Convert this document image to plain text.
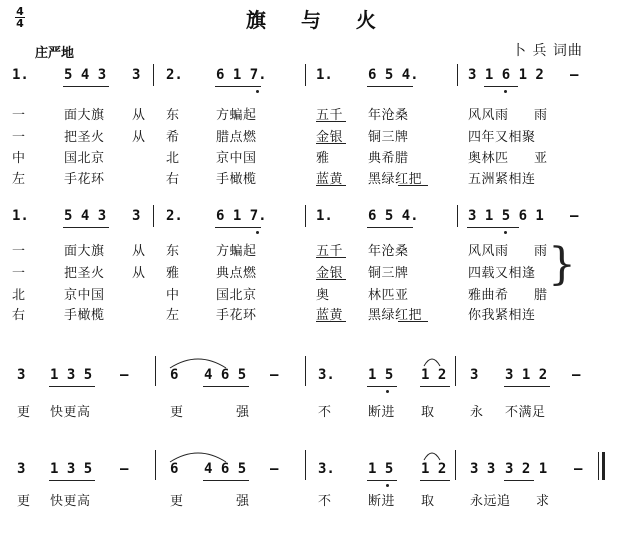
旗 与 火
4
4
庄严地	卜 兵 词曲
1.	5 4 3 3 2. 6 1 7.	1.	6 5 4.	3 1 6 1 2 –
一	面大旗 从 东	方蝙起	五千 年沧桑	风风雨 雨
一	把圣火 从 希	腊点燃	金银 铜三牌	四年又相聚
中	国北京	北	京中国	雅	典希腊	奥林匹 亚
左	手花环	右	手橄榄	蓝黄 黑绿红把	五洲紧相连
1.	5 4 3 3 2. 6 1 7.	1.	6 5 4.	3 1 5 6 1 –
一	面大旗 从 东	方蝙起	五千 年沧桑	风风雨 雨
一	把圣火 从 雅	典点燃	金银 铜三牌	四载又相逢
北	京中国	中	国北京	奥	林匹亚	雅曲希 腊
右	手橄榄	左	手花环	蓝黄 黑绿红把	你我紧相连
}
3 1 3 5 –	6 4 6 5 –	3. 1 5 1 2 3 3 1 2 –
更 快更高	更	强	不	断进 取	永 不满足
3 1 3 5 –	6 4 6 5 –	3. 1 5 1 2 3 3 3 2 1 –
更 快更高	更	强	不	断进 取	永远追 求
